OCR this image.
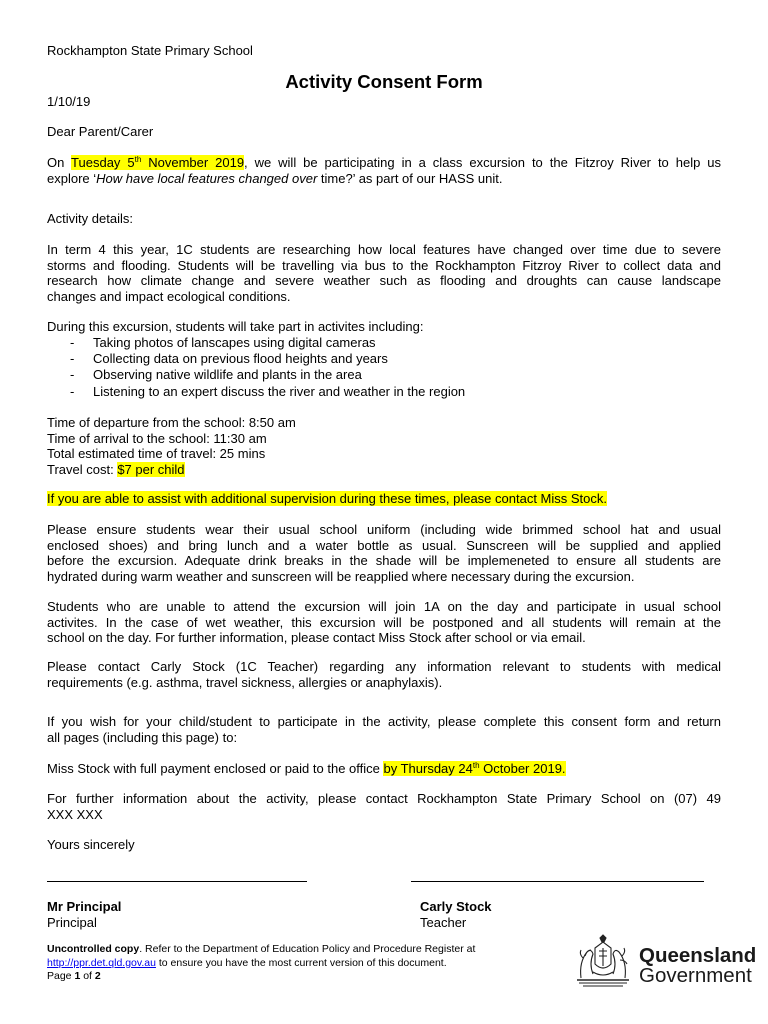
Rockhampton State Primary School
Activity Consent Form
1/10/19
Dear Parent/Carer
On Tuesday 5th November 2019, we will be participating in a class excursion to the Fitzroy River to help us
explore ‘How have local features changed over time?’ as part of our HASS unit.
Activity details:
In term 4 this year, 1C students are researching how local features have changed over time due to severe
storms and flooding. Students will be travelling via bus to the Rockhampton Fitzroy River to collect data and
research how climate change and severe weather such as flooding and droughts can cause landscape
changes and impact ecological conditions.
During this excursion, students will take part in activites including:
- Taking photos of lanscapes using digital cameras
- Collecting data on previous flood heights and years
- Observing native wildlife and plants in the area
- Listening to an expert discuss the river and weather in the region
Time of departure from the school: 8:50 am
Time of arrival to the school: 11:30 am
Total estimated time of travel: 25 mins
Travel cost: $7 per child
If you are able to assist with additional supervision during these times, please contact Miss Stock.
Please ensure students wear their usual school uniform (including wide brimmed school hat and usual
enclosed shoes) and bring lunch and a water bottle as usual. Sunscreen will be supplied and applied
before the excursion. Adequate drink breaks in the shade will be implemeneted to ensure all students are
hydrated during warm weather and sunscreen will be reapplied where necessary during the excursion.
Students who are unable to attend the excursion will join 1A on the day and participate in usual school
activites. In the case of wet weather, this excursion will be postponed and all students will remain at the
school on the day. For further information, please contact Miss Stock after school or via email.
Please contact Carly Stock (1C Teacher) regarding any information relevant to students with medical
requirements (e.g. asthma, travel sickness, allergies or anaphylaxis).
If you wish for your child/student to participate in the activity, please complete this consent form and return
all pages (including this page) to:
Miss Stock with full payment enclosed or paid to the office by Thursday 24th October 2019.
For further information about the activity, please contact Rockhampton State Primary School on (07) 49
XXX XXX
Yours sincerely
Mr Principal
Principal
Carly Stock
Teacher
Uncontrolled copy. Refer to the Department of Education Policy and Procedure Register at
http://ppr.det.qld.gov.au to ensure you have the most current version of this document.
Page 1 of 2
Queensland
Government
